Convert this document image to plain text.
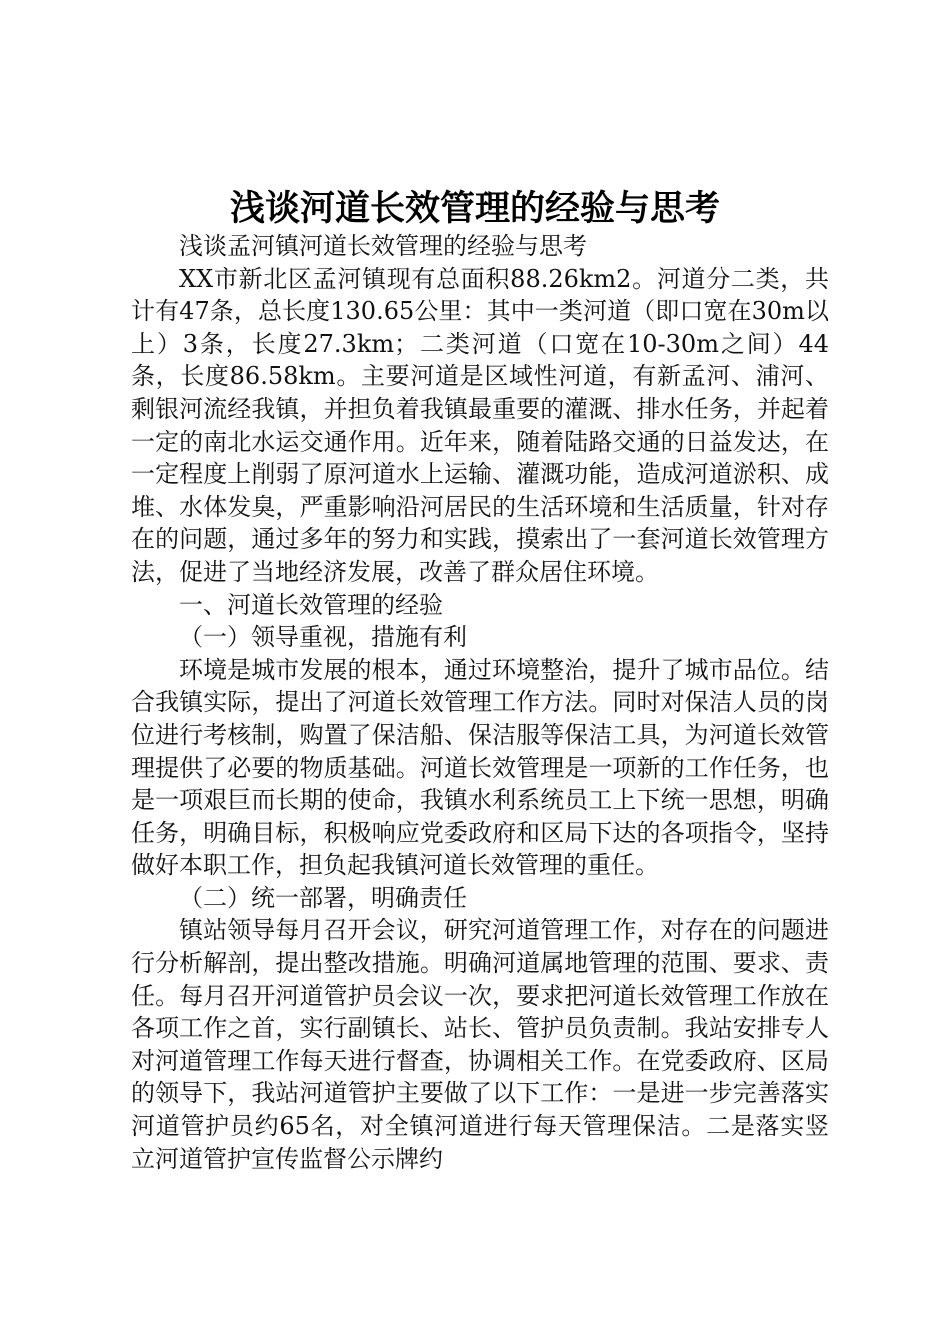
浅谈河道长效管理的经验与思考

浅谈孟河镇河道长效管理的经验与思考

XX市新北区孟河镇现有总面积88.26km2。河道分二类，共计有47条，总长度130.65公里：其中一类河道（即口宽在30m以上）3条，长度27.3km；二类河道（口宽在10-30m之间）44条，长度86.58km。主要河道是区域性河道，有新孟河、浦河、剩银河流经我镇，并担负着我镇最重要的灌溉、排水任务，并起着一定的南北水运交通作用。近年来，随着陆路交通的日益发达，在一定程度上削弱了原河道水上运输、灌溉功能，造成河道淤积、成堆、水体发臭，严重影响沿河居民的生活环境和生活质量，针对存在的问题，通过多年的努力和实践，摸索出了一套河道长效管理方法，促进了当地经济发展，改善了群众居住环境。

一、河道长效管理的经验

（一）领导重视，措施有利

环境是城市发展的根本，通过环境整治，提升了城市品位。结合我镇实际，提出了河道长效管理工作方法。同时对保洁人员的岗位进行考核制，购置了保洁船、保洁服等保洁工具，为河道长效管理提供了必要的物质基础。河道长效管理是一项新的工作任务，也是一项艰巨而长期的使命，我镇水利系统员工上下统一思想，明确任务，明确目标，积极响应党委政府和区局下达的各项指令，坚持做好本职工作，担负起我镇河道长效管理的重任。

（二）统一部署，明确责任

镇站领导每月召开会议，研究河道管理工作，对存在的问题进行分析解剖，提出整改措施。明确河道属地管理的范围、要求、责任。每月召开河道管护员会议一次，要求把河道长效管理工作放在各项工作之首，实行副镇长、站长、管护员负责制。我站安排专人对河道管理工作每天进行督查，协调相关工作。在党委政府、区局的领导下，我站河道管护主要做了以下工作：一是进一步完善落实河道管护员约65名，对全镇河道进行每天管理保洁。二是落实竖立河道管护宣传监督公示牌约
